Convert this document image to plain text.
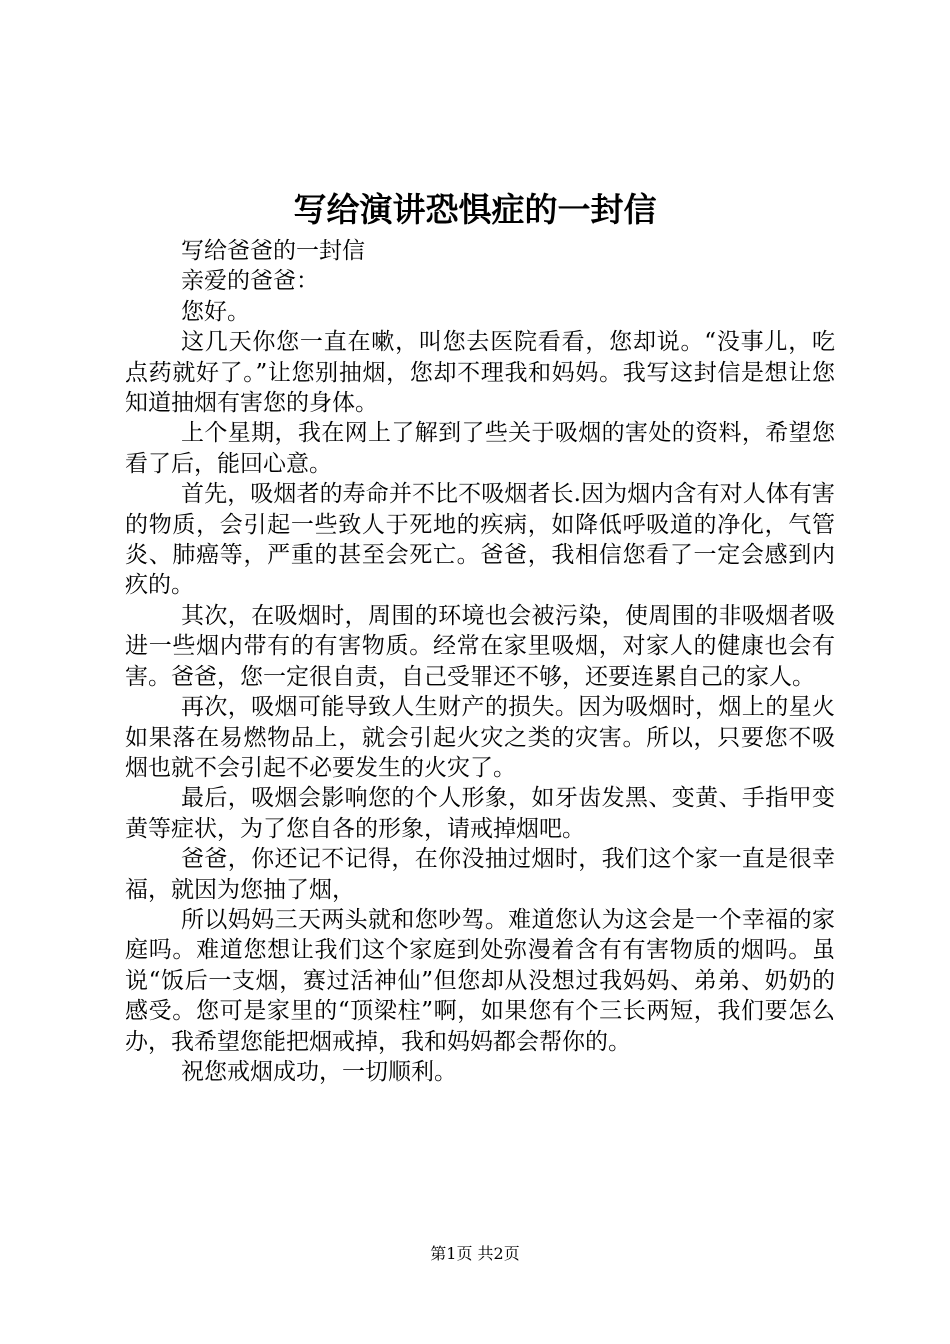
写给演讲恐惧症的一封信

写给爸爸的一封信

亲爱的爸爸：

您好。

这几天你您一直在嗽，叫您去医院看看，您却说。“没事儿，吃点药就好了。”让您别抽烟，您却不理我和妈妈。我写这封信是想让您知道抽烟有害您的身体。

上个星期，我在网上了解到了些关于吸烟的害处的资料，希望您看了后，能回心意。

首先，吸烟者的寿命并不比不吸烟者长.因为烟内含有对人体有害的物质，会引起一些致人于死地的疾病，如降低呼吸道的净化，气管炎、肺癌等，严重的甚至会死亡。爸爸，我相信您看了一定会感到内疚的。

其次，在吸烟时，周围的环境也会被污染，使周围的非吸烟者吸进一些烟内带有的有害物质。经常在家里吸烟，对家人的健康也会有害。爸爸，您一定很自责，自己受罪还不够，还要连累自己的家人。

再次，吸烟可能导致人生财产的损失。因为吸烟时，烟上的星火如果落在易燃物品上，就会引起火灾之类的灾害。所以，只要您不吸烟也就不会引起不必要发生的火灾了。

最后，吸烟会影响您的个人形象，如牙齿发黑、变黄、手指甲变黄等症状，为了您自各的形象，请戒掉烟吧。

爸爸，你还记不记得，在你没抽过烟时，我们这个家一直是很幸福，就因为您抽了烟，

所以妈妈三天两头就和您吵驾。难道您认为这会是一个幸福的家庭吗。难道您想让我们这个家庭到处弥漫着含有有害物质的烟吗。虽说“饭后一支烟，赛过活神仙”但您却从没想过我妈妈、弟弟、奶奶的感受。您可是家里的“顶梁柱”啊，如果您有个三长两短，我们要怎么办，我希望您能把烟戒掉，我和妈妈都会帮你的。

祝您戒烟成功，一切顺利。

第1页 共2页
